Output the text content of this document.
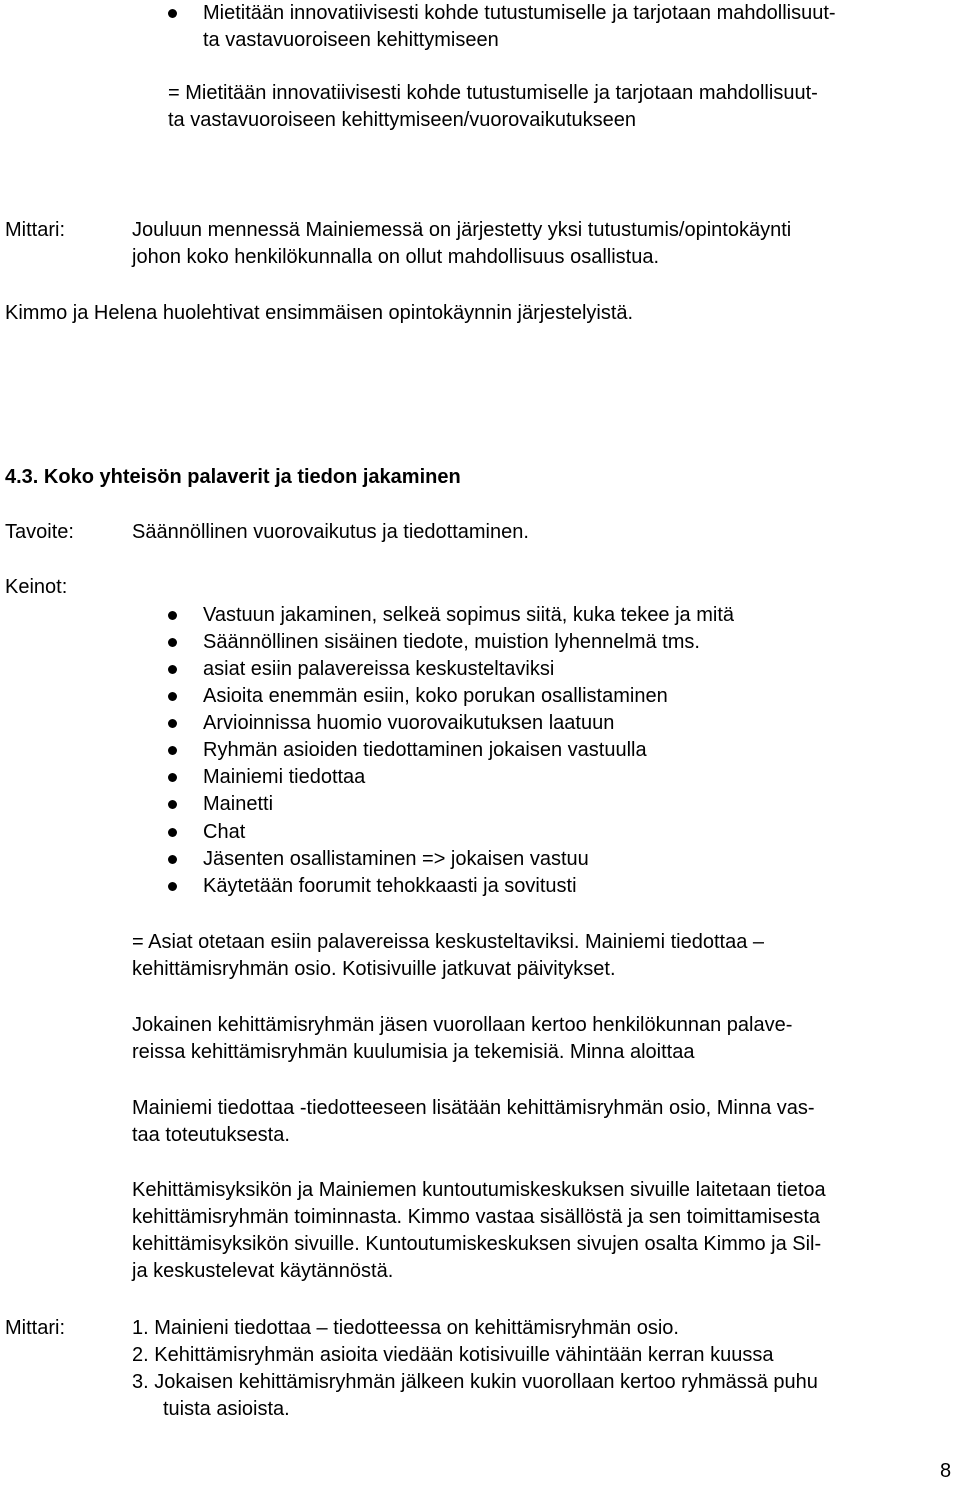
Mietitään innovatiivisesti kohde tutustumiselle ja tarjotaan mahdollisuut-
ta vastavuoroiseen kehittymiseen
= Mietitään innovatiivisesti kohde tutustumiselle ja tarjotaan mahdollisuut-
ta vastavuoroiseen kehittymiseen/vuorovaikutukseen
Mittari:	Jouluun mennessä Mainiemessä on järjestetty yksi tutustumis/opintokäynti
johon koko henkilökunnalla on ollut mahdollisuus osallistua.
Kimmo ja Helena huolehtivat ensimmäisen opintokäynnin järjestelyistä.
4.3. Koko yhteisön palaverit ja tiedon jakaminen
Tavoite:	Säännöllinen vuorovaikutus ja tiedottaminen.
Keinot:
Vastuun jakaminen, selkeä sopimus siitä, kuka tekee ja mitä
Säännöllinen sisäinen tiedote, muistion lyhennelmä tms.
asiat esiin palavereissa keskusteltaviksi
Asioita enemmän esiin, koko porukan osallistaminen
Arvioinnissa huomio vuorovaikutuksen laatuun
Ryhmän asioiden tiedottaminen jokaisen vastuulla
Mainiemi tiedottaa
Mainetti
Chat
Jäsenten osallistaminen => jokaisen vastuu
Käytetään foorumit tehokkaasti ja sovitusti
= Asiat otetaan esiin palavereissa keskusteltaviksi. Mainiemi tiedottaa –
kehittämisryhmän osio. Kotisivuille jatkuvat päivitykset.
Jokainen kehittämisryhmän jäsen vuorollaan kertoo henkilökunnan palave-
reissa kehittämisryhmän kuulumisia ja tekemisiä. Minna aloittaa
Mainiemi tiedottaa -tiedotteeseen lisätään kehittämisryhmän osio, Minna vas-
taa toteutuksesta.
Kehittämisyksikön ja Mainiemen kuntoutumiskeskuksen sivuille laitetaan tietoa
kehittämisryhmän toiminnasta. Kimmo vastaa sisällöstä ja sen toimittamisesta
kehittämisyksikön sivuille. Kuntoutumiskeskuksen sivujen osalta Kimmo ja Sil-
ja keskustelevat käytännöstä.
Mittari:	1. Mainieni tiedottaa – tiedotteessa on kehittämisryhmän osio.
2. Kehittämisryhmän asioita viedään kotisivuille vähintään kerran kuussa
3. Jokaisen kehittämisryhmän jälkeen kukin vuorollaan kertoo ryhmässä puhu
tuista asioista.
8
